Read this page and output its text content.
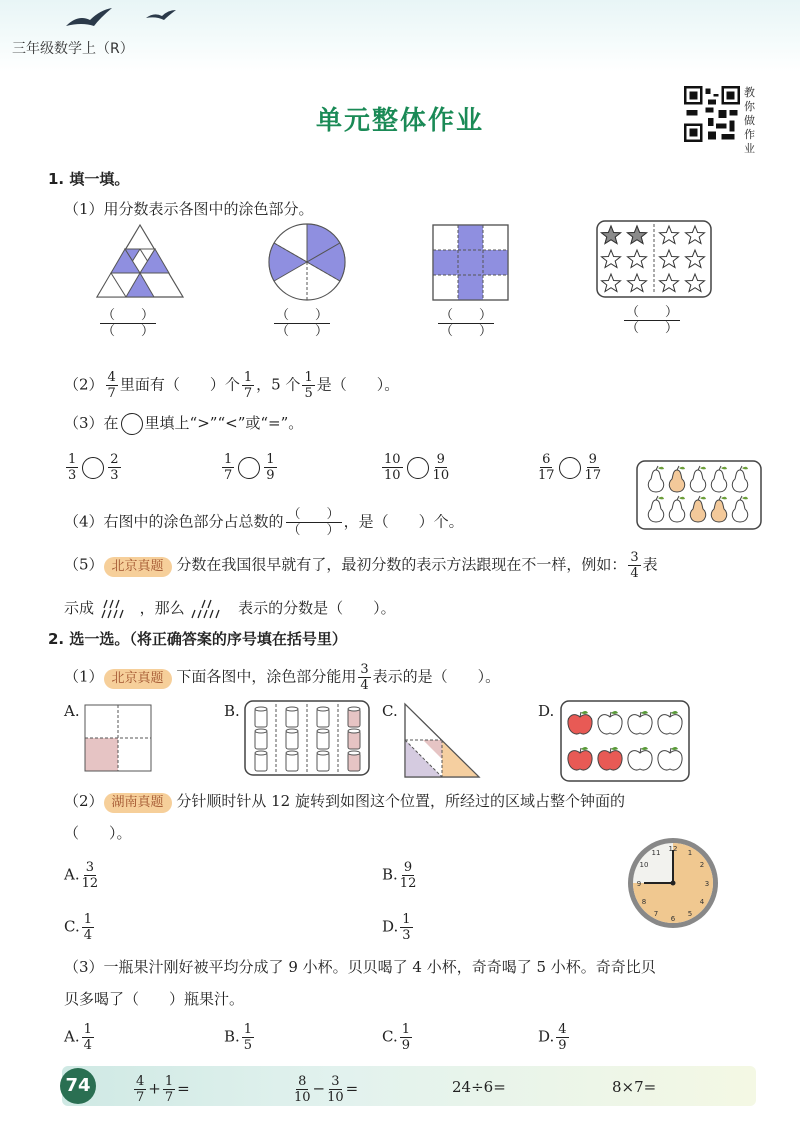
三年级数学上（R）
单元整体作业
教你做作业
1. 填一填。
（1）用分数表示各图中的涂色部分。
（　　）
（　　）
（　　）
（　　）
（　　）
（　　）
（　　）
（　　）
$(2) \frac{4}{7}$ 里面有（　　）个 $\frac{1}{7}$ ，5 个 $\frac{1}{5}$ 是（　　）。
（3）在 里填上“>”“<”或“=”。
$\frac{1}{3} \frac{2}{3}$	$\frac{1}{7} \frac{1}{9}$	$\frac{10}{10} \frac{9}{10}$	$\frac{6}{17} \frac{9}{17}$
（4）右图中的涂色部分占总数的 $\frac{( )}{( )}$ ，是（　　）个。
（5） 北京真题 分数在我国很早就有了，最初分数的表示方法跟现在不一样，例如： $\frac{3}{4}$ 表
示成	，那么	表示的分数是（　　）。
2. 选一选。（将正确答案的序号填在括号里）
（1） 北京真题 下面各图中，涂色部分能用 $\frac{3}{4}$ 表示的是（　　）。
A.	B.	C.	D.
（2） 湖南真题 分针顺时针从 12 旋转到如图这个位置，所经过的区域占整个钟面的
（　　）。
A. $\frac{3}{12}$	B. $\frac{9}{12}$
C. $\frac{1}{4}$	D. $\frac{1}{3}$
12 1
2
3
4
5
6
7
8
9
10
11
（3）一瓶果汁刚好被平均分成了 9 小杯。贝贝喝了 4 小杯，奇奇喝了 5 小杯。奇奇比贝
贝多喝了（　　）瓶果汁。
A. $\frac{1}{4}$	B. $\frac{1}{5}$	C. $\frac{1}{9}$	D. $\frac{4}{9}$
74	$\frac{4}{7} + \frac{1}{7}$ =	$\frac{8}{10} - \frac{3}{10}$ =	24÷6=	8×7=
